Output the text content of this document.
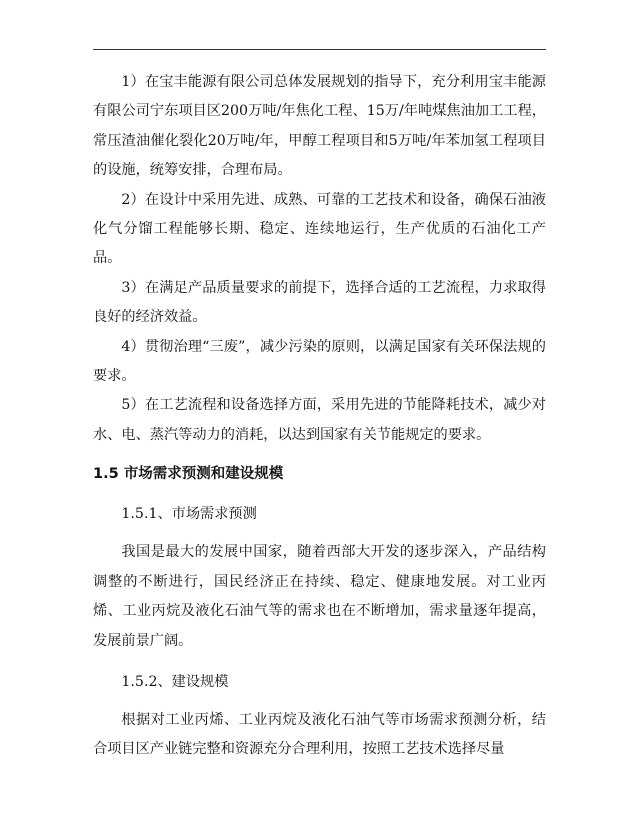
1）在宝丰能源有限公司总体发展规划的指导下，充分利用宝丰能源有限公司宁东项目区200万吨/年焦化工程、15万/年吨煤焦油加工工程，常压渣油催化裂化20万吨/年，甲醇工程项目和5万吨/年苯加氢工程项目的设施，统筹安排，合理布局。

2）在设计中采用先进、成熟、可靠的工艺技术和设备，确保石油液化气分馏工程能够长期、稳定、连续地运行，生产优质的石油化工产品。

3）在满足产品质量要求的前提下，选择合适的工艺流程，力求取得良好的经济效益。

4）贯彻治理“三废”，减少污染的原则，以满足国家有关环保法规的要求。

5）在工艺流程和设备选择方面，采用先进的节能降耗技术，减少对水、电、蒸汽等动力的消耗，以达到国家有关节能规定的要求。

1.5 市场需求预测和建设规模
1.5.1、市场需求预测

我国是最大的发展中国家，随着西部大开发的逐步深入，产品结构调整的不断进行，国民经济正在持续、稳定、健康地发展。对工业丙烯、工业丙烷及液化石油气等的需求也在不断增加，需求量逐年提高，发展前景广阔。

1.5.2、建设规模

根据对工业丙烯、工业丙烷及液化石油气等市场需求预测分析，结合项目区产业链完整和资源充分合理利用，按照工艺技术选择尽量
